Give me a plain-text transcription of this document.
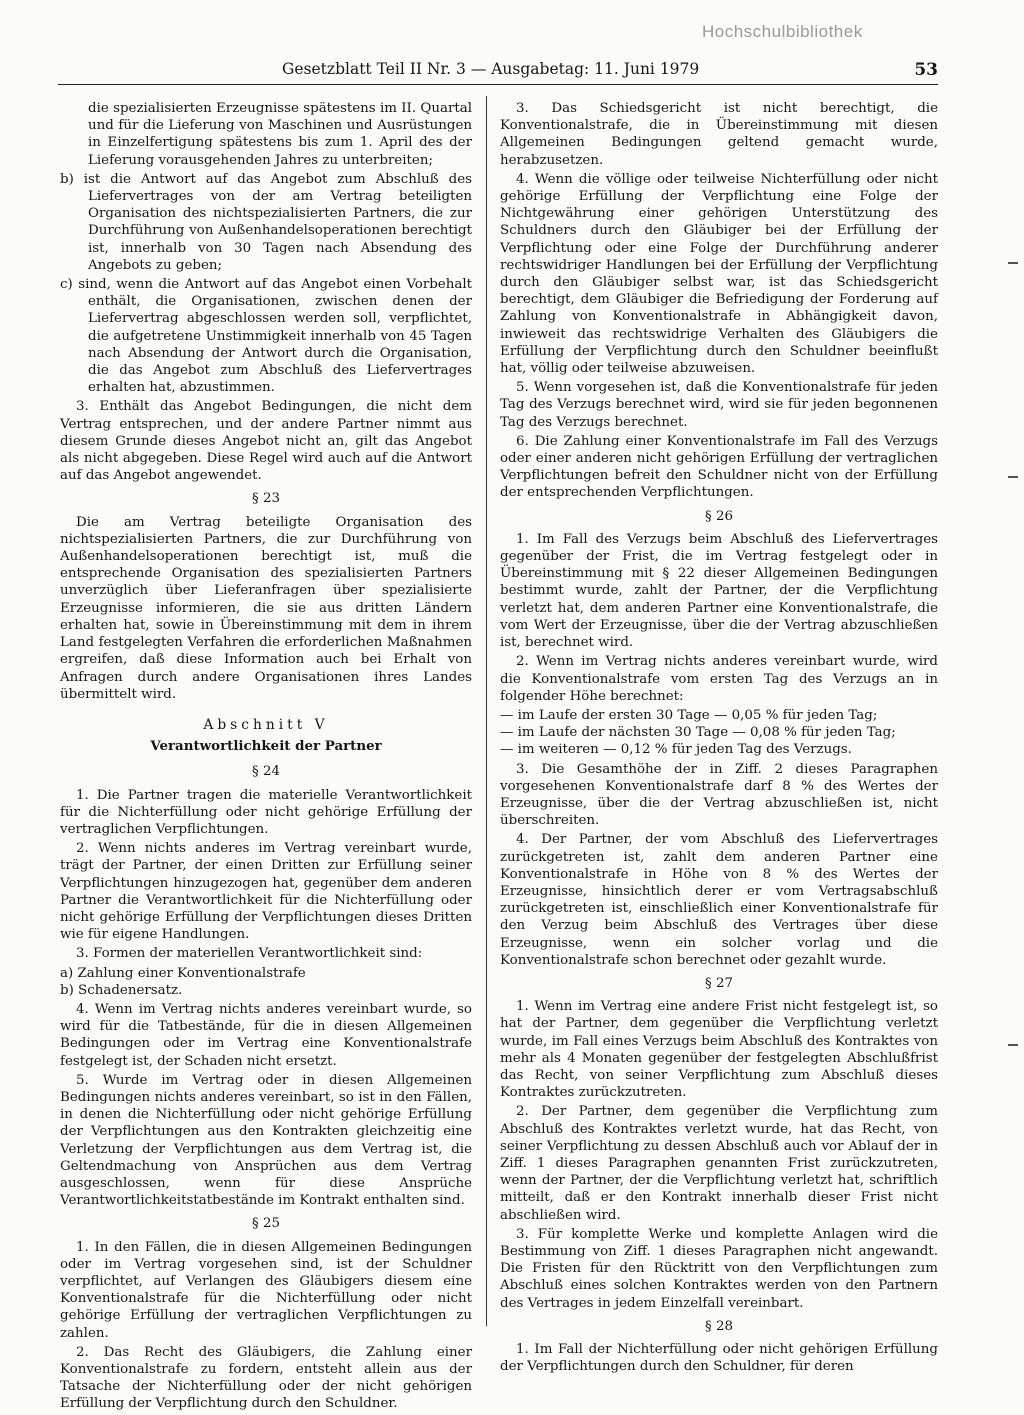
Hochschulbibliothek
Gesetzblatt Teil II Nr. 3 — Ausgabetag: 11. Juni 1979	53

die spezialisierten Erzeugnisse spätestens im II. Quartal und für die Lieferung von Maschinen und Ausrüstungen in Einzelfertigung spätestens bis zum 1. April des der Lieferung vorausgehenden Jahres zu unterbreiten;

b) ist die Antwort auf das Angebot zum Abschluß des Liefervertrages von der am Vertrag beteiligten Organisation des nichtspezialisierten Partners, die zur Durchführung von Außenhandelsoperationen berechtigt ist, innerhalb von 30 Tagen nach Absendung des Angebots zu geben;

c) sind, wenn die Antwort auf das Angebot einen Vorbehalt enthält, die Organisationen, zwischen denen der Liefervertrag abgeschlossen werden soll, verpflichtet, die aufgetretene Unstimmigkeit innerhalb von 45 Tagen nach Absendung der Antwort durch die Organisation, die das Angebot zum Abschluß des Liefervertrages erhalten hat, abzustimmen.

3. Enthält das Angebot Bedingungen, die nicht dem Vertrag entsprechen, und der andere Partner nimmt aus diesem Grunde dieses Angebot nicht an, gilt das Angebot als nicht abgegeben. Diese Regel wird auch auf die Antwort auf das Angebot angewendet.

§ 23

Die am Vertrag beteiligte Organisation des nichtspezialisierten Partners, die zur Durchführung von Außenhandelsoperationen berechtigt ist, muß die entsprechende Organisation des spezialisierten Partners unverzüglich über Lieferanfragen über spezialisierte Erzeugnisse informieren, die sie aus dritten Ländern erhalten hat, sowie in Übereinstimmung mit dem in ihrem Land festgelegten Verfahren die erforderlichen Maßnahmen ergreifen, daß diese Information auch bei Erhalt von Anfragen durch andere Organisationen ihres Landes übermittelt wird.

Abschnitt V

Verantwortlichkeit der Partner

§ 24

1. Die Partner tragen die materielle Verantwortlichkeit für die Nichterfüllung oder nicht gehörige Erfüllung der vertraglichen Verpflichtungen.

2. Wenn nichts anderes im Vertrag vereinbart wurde, trägt der Partner, der einen Dritten zur Erfüllung seiner Verpflichtungen hinzugezogen hat, gegenüber dem anderen Partner die Verantwortlichkeit für die Nichterfüllung oder nicht gehörige Erfüllung der Verpflichtungen dieses Dritten wie für eigene Handlungen.

3. Formen der materiellen Verantwortlichkeit sind:

a) Zahlung einer Konventionalstrafe
b) Schadenersatz.

4. Wenn im Vertrag nichts anderes vereinbart wurde, so wird für die Tatbestände, für die in diesen Allgemeinen Bedingungen oder im Vertrag eine Konventionalstrafe festgelegt ist, der Schaden nicht ersetzt.

5. Wurde im Vertrag oder in diesen Allgemeinen Bedingungen nichts anderes vereinbart, so ist in den Fällen, in denen die Nichterfüllung oder nicht gehörige Erfüllung der Verpflichtungen aus den Kontrakten gleichzeitig eine Verletzung der Verpflichtungen aus dem Vertrag ist, die Geltendmachung von Ansprüchen aus dem Vertrag ausgeschlossen, wenn für diese Ansprüche Verantwortlichkeitstatbestände im Kontrakt enthalten sind.

§ 25

1. In den Fällen, die in diesen Allgemeinen Bedingungen oder im Vertrag vorgesehen sind, ist der Schuldner verpflichtet, auf Verlangen des Gläubigers diesem eine Konventionalstrafe für die Nichterfüllung oder nicht gehörige Erfüllung der vertraglichen Verpflichtungen zu zahlen.

2. Das Recht des Gläubigers, die Zahlung einer Konventionalstrafe zu fordern, entsteht allein aus der Tatsache der Nichterfüllung oder der nicht gehörigen Erfüllung der Verpflichtung durch den Schuldner.

3. Das Schiedsgericht ist nicht berechtigt, die Konventionalstrafe, die in Übereinstimmung mit diesen Allgemeinen Bedingungen geltend gemacht wurde, herabzusetzen.

4. Wenn die völlige oder teilweise Nichterfüllung oder nicht gehörige Erfüllung der Verpflichtung eine Folge der Nichtgewährung einer gehörigen Unterstützung des Schuldners durch den Gläubiger bei der Erfüllung der Verpflichtung oder eine Folge der Durchführung anderer rechtswidriger Handlungen bei der Erfüllung der Verpflichtung durch den Gläubiger selbst war, ist das Schiedsgericht berechtigt, dem Gläubiger die Befriedigung der Forderung auf Zahlung von Konventionalstrafe in Abhängigkeit davon, inwieweit das rechtswidrige Verhalten des Gläubigers die Erfüllung der Verpflichtung durch den Schuldner beeinflußt hat, völlig oder teilweise abzuweisen.

5. Wenn vorgesehen ist, daß die Konventionalstrafe für jeden Tag des Verzugs berechnet wird, wird sie für jeden begonnenen Tag des Verzugs berechnet.

6. Die Zahlung einer Konventionalstrafe im Fall des Verzugs oder einer anderen nicht gehörigen Erfüllung der vertraglichen Verpflichtungen befreit den Schuldner nicht von der Erfüllung der entsprechenden Verpflichtungen.

§ 26

1. Im Fall des Verzugs beim Abschluß des Liefervertrages gegenüber der Frist, die im Vertrag festgelegt oder in Übereinstimmung mit § 22 dieser Allgemeinen Bedingungen bestimmt wurde, zahlt der Partner, der die Verpflichtung verletzt hat, dem anderen Partner eine Konventionalstrafe, die vom Wert der Erzeugnisse, über die der Vertrag abzuschließen ist, berechnet wird.

2. Wenn im Vertrag nichts anderes vereinbart wurde, wird die Konventionalstrafe vom ersten Tag des Verzugs an in folgender Höhe berechnet:

— im Laufe der ersten 30 Tage — 0,05 % für jeden Tag;
— im Laufe der nächsten 30 Tage — 0,08 % für jeden Tag;
— im weiteren — 0,12 % für jeden Tag des Verzugs.

3. Die Gesamthöhe der in Ziff. 2 dieses Paragraphen vorgesehenen Konventionalstrafe darf 8 % des Wertes der Erzeugnisse, über die der Vertrag abzuschließen ist, nicht überschreiten.

4. Der Partner, der vom Abschluß des Liefervertrages zurückgetreten ist, zahlt dem anderen Partner eine Konventionalstrafe in Höhe von 8 % des Wertes der Erzeugnisse, hinsichtlich derer er vom Vertragsabschluß zurückgetreten ist, einschließlich einer Konventionalstrafe für den Verzug beim Abschluß des Vertrages über diese Erzeugnisse, wenn ein solcher vorlag und die Konventionalstrafe schon berechnet oder gezahlt wurde.

§ 27

1. Wenn im Vertrag eine andere Frist nicht festgelegt ist, so hat der Partner, dem gegenüber die Verpflichtung verletzt wurde, im Fall eines Verzugs beim Abschluß des Kontraktes von mehr als 4 Monaten gegenüber der festgelegten Abschlußfrist das Recht, von seiner Verpflichtung zum Abschluß dieses Kontraktes zurückzutreten.

2. Der Partner, dem gegenüber die Verpflichtung zum Abschluß des Kontraktes verletzt wurde, hat das Recht, von seiner Verpflichtung zu dessen Abschluß auch vor Ablauf der in Ziff. 1 dieses Paragraphen genannten Frist zurückzutreten, wenn der Partner, der die Verpflichtung verletzt hat, schriftlich mitteilt, daß er den Kontrakt innerhalb dieser Frist nicht abschließen wird.

3. Für komplette Werke und komplette Anlagen wird die Bestimmung von Ziff. 1 dieses Paragraphen nicht angewandt. Die Fristen für den Rücktritt von den Verpflichtungen zum Abschluß eines solchen Kontraktes werden von den Partnern des Vertrages in jedem Einzelfall vereinbart.

§ 28

1. Im Fall der Nichterfüllung oder nicht gehörigen Erfüllung der Verpflichtungen durch den Schuldner, für deren
